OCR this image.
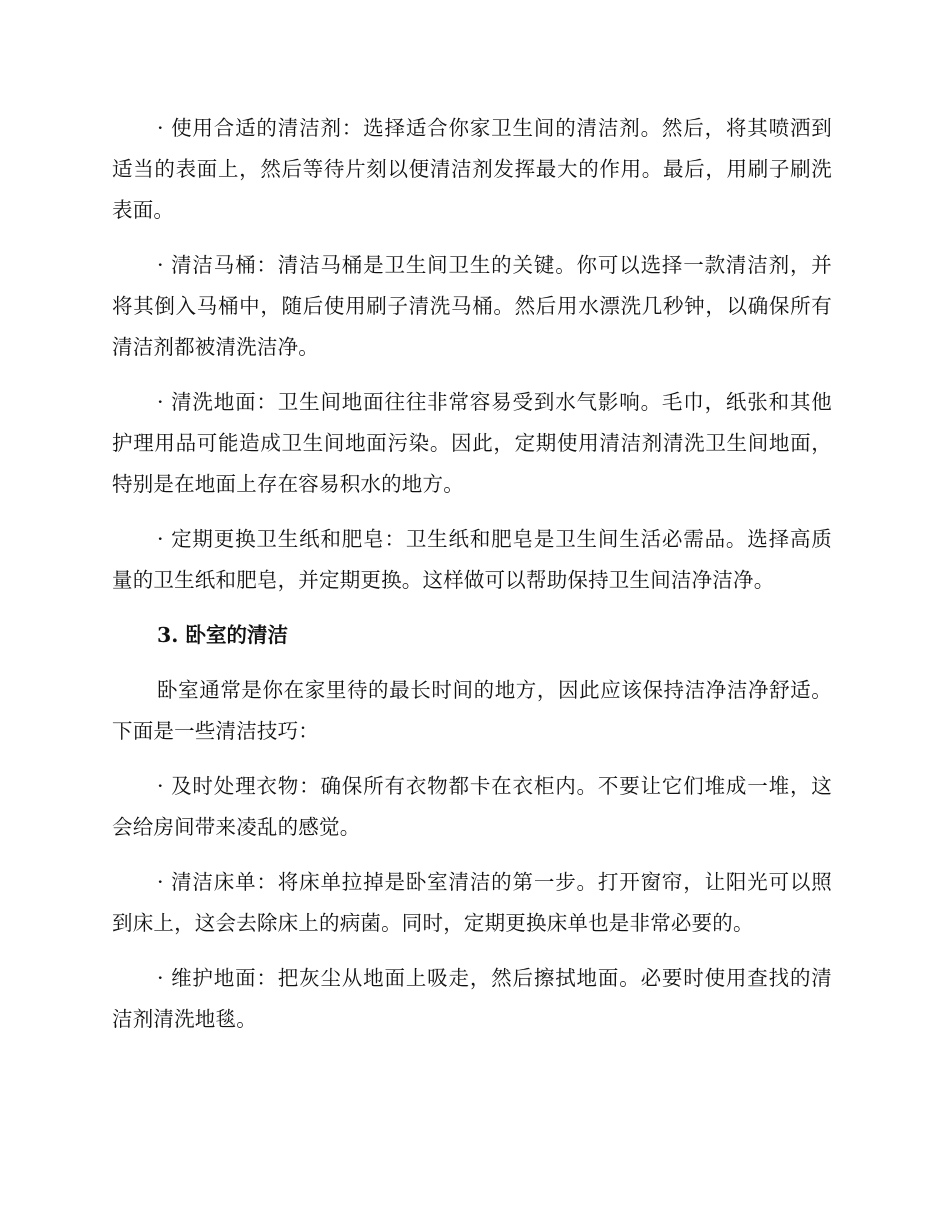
· 使用合适的清洁剂：选择适合你家卫生间的清洁剂。然后，将其喷洒到适当的表面上，然后等待片刻以便清洁剂发挥最大的作用。最后，用刷子刷洗表面。

· 清洁马桶：清洁马桶是卫生间卫生的关键。你可以选择一款清洁剂，并将其倒入马桶中，随后使用刷子清洗马桶。然后用水漂洗几秒钟，以确保所有清洁剂都被清洗洁净。

· 清洗地面：卫生间地面往往非常容易受到水气影响。毛巾，纸张和其他护理用品可能造成卫生间地面污染。因此，定期使用清洁剂清洗卫生间地面，特别是在地面上存在容易积水的地方。

· 定期更换卫生纸和肥皂：卫生纸和肥皂是卫生间生活必需品。选择高质量的卫生纸和肥皂，并定期更换。这样做可以帮助保持卫生间洁净洁净。

3. 卧室的清洁

卧室通常是你在家里待的最长时间的地方，因此应该保持洁净洁净舒适。下面是一些清洁技巧：

· 及时处理衣物：确保所有衣物都卡在衣柜内。不要让它们堆成一堆，这会给房间带来凌乱的感觉。

· 清洁床单：将床单拉掉是卧室清洁的第一步。打开窗帘，让阳光可以照到床上，这会去除床上的病菌。同时，定期更换床单也是非常必要的。

· 维护地面：把灰尘从地面上吸走，然后擦拭地面。必要时使用查找的清洁剂清洗地毯。
